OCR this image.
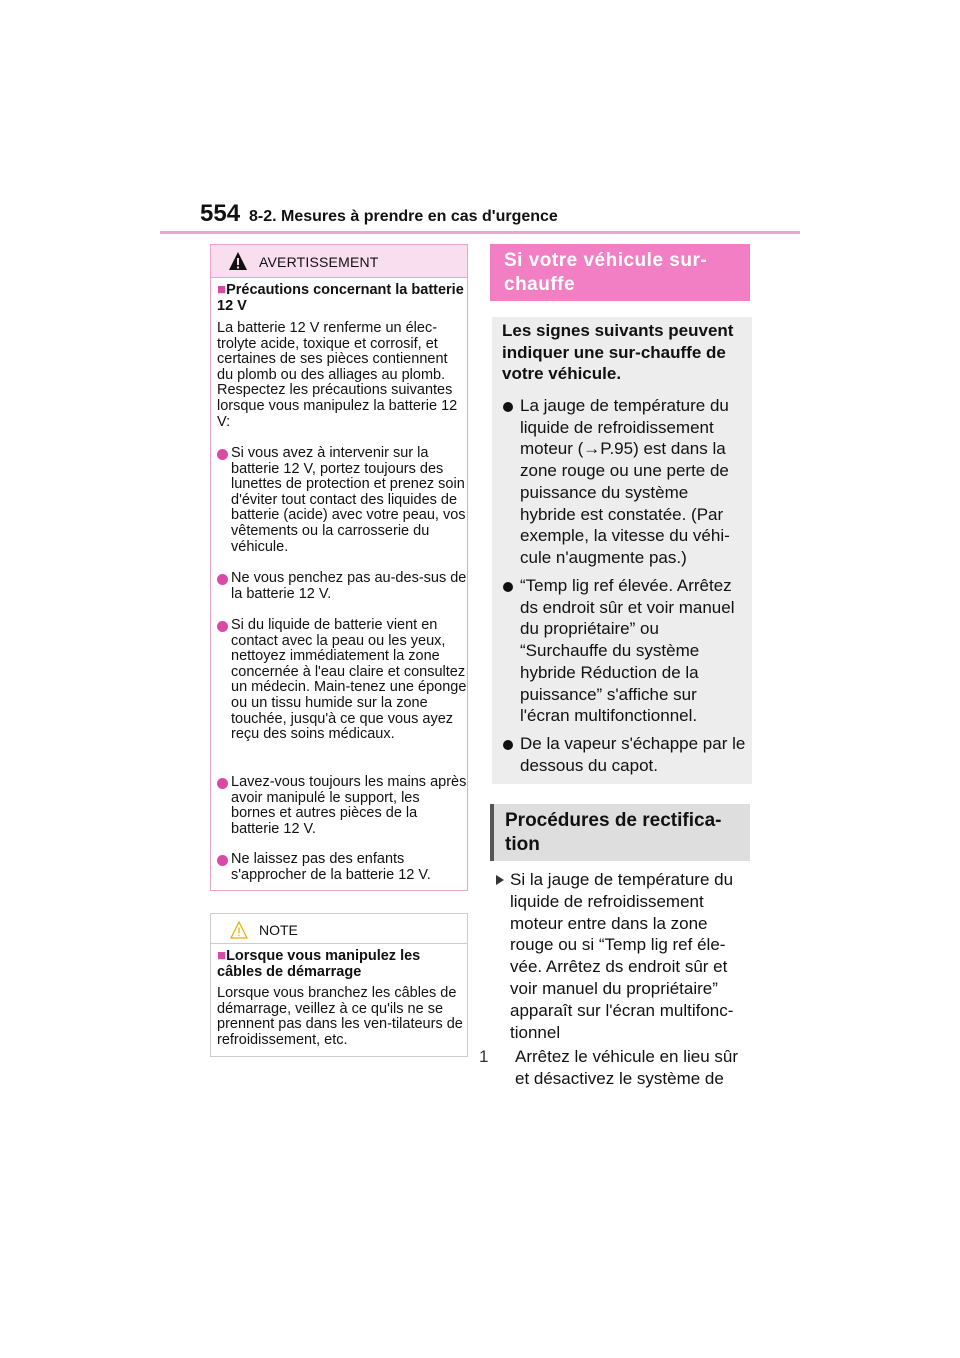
554 8-2. Mesures à prendre en cas d'urgence
AVERTISSEMENT
■Précautions concernant la batterie 12 V
La batterie 12 V renferme un élec-trolyte acide, toxique et corrosif, et certaines de ses pièces contiennent du plomb ou des alliages au plomb. Respectez les précautions suivantes lorsque vous manipulez la batterie 12 V:
Si vous avez à intervenir sur la batterie 12 V, portez toujours des lunettes de protection et prenez soin d'éviter tout contact des liquides de batterie (acide) avec votre peau, vos vêtements ou la carrosserie du véhicule.
Ne vous penchez pas au-des-sus de la batterie 12 V.
Si du liquide de batterie vient en contact avec la peau ou les yeux, nettoyez immédiatement la zone concernée à l'eau claire et consultez un médecin. Main-tenez une éponge ou un tissu humide sur la zone touchée, jusqu'à ce que vous ayez reçu des soins médicaux.
Lavez-vous toujours les mains après avoir manipulé le support, les bornes et autres pièces de la batterie 12 V.
Ne laissez pas des enfants s'approcher de la batterie 12 V.
NOTE
■Lorsque vous manipulez les câbles de démarrage
Lorsque vous branchez les câbles de démarrage, veillez à ce qu'ils ne se prennent pas dans les ven-tilateurs de refroidissement, etc.
Si votre véhicule sur-chauffe
Les signes suivants peuvent indiquer une sur-chauffe de votre véhicule.
La jauge de température du liquide de refroidissement moteur (→P.95) est dans la zone rouge ou une perte de puissance du système hybride est constatée. (Par exemple, la vitesse du véhi-cule n'augmente pas.)
“Temp lig ref élevée. Arrêtez ds endroit sûr et voir manuel du propriétaire” ou “Surchauffe du système hybride Réduction de la puissance” s'affiche sur l'écran multifonctionnel.
De la vapeur s'échappe par le dessous du capot.
Procédures de rectifica-tion
Si la jauge de température du liquide de refroidissement moteur entre dans la zone rouge ou si “Temp lig ref éle-vée. Arrêtez ds endroit sûr et voir manuel du propriétaire” apparaît sur l'écran multifonc-tionnel
1 Arrêtez le véhicule en lieu sûr et désactivez le système de
